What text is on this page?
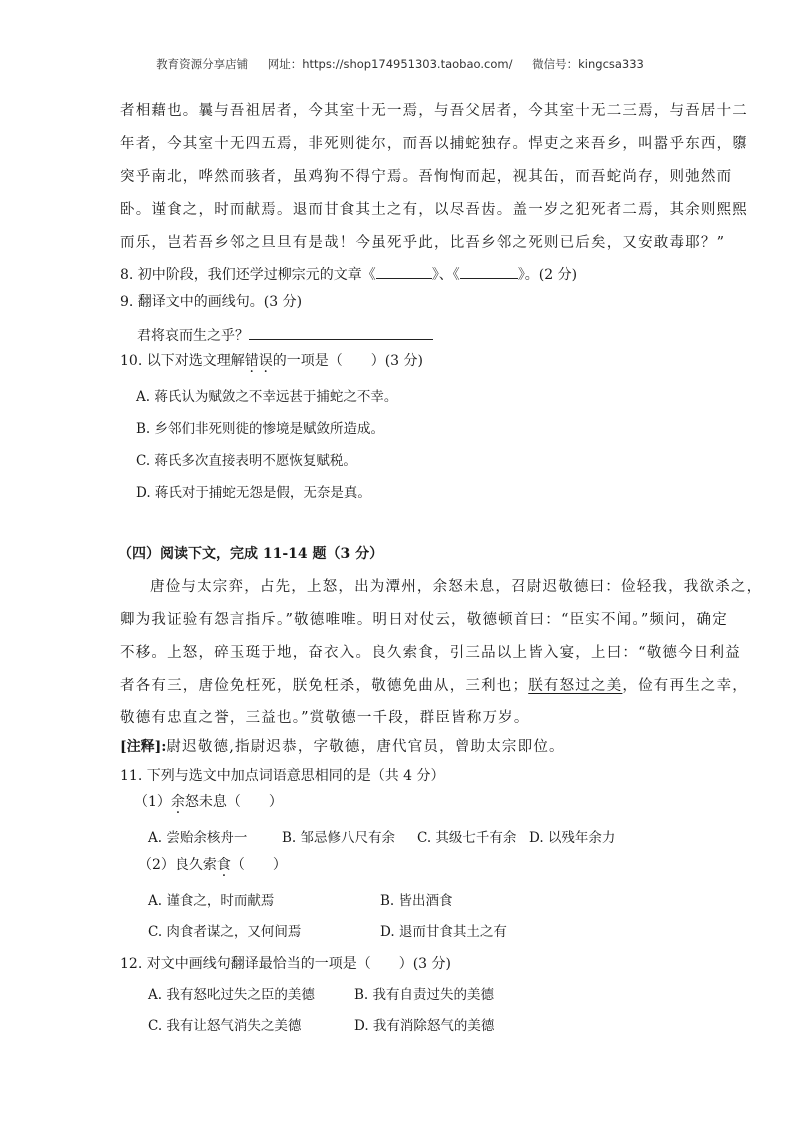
教育资源分享店铺 网址：https://shop174951303.taobao.com/ 微信号：kingcsa333
者相藉也。曩与吾祖居者，今其室十无一焉，与吾父居者，今其室十无二三焉，与吾居十二
年者，今其室十无四五焉，非死则徙尔，而吾以捕蛇独存。悍吏之来吾乡，叫嚣乎东西，隳
突乎南北，哗然而骇者，虽鸡狗不得宁焉。吾恂恂而起，视其缶，而吾蛇尚存，则弛然而
卧。谨食之，时而献焉。退而甘食其土之有，以尽吾齿。盖一岁之犯死者二焉，其余则熙熙
而乐，岂若吾乡邻之旦旦有是哉！今虽死乎此，比吾乡邻之死则已后矣，又安敢毒耶？”
8. 初中阶段，我们还学过柳宗元的文章《	》、《	》。(2 分)
9. 翻译文中的画线句。(3 分)
君将哀而生之乎？
10. 以下对选文理解错误的一项是（　　）(3 分)
A. 蒋氏认为赋敛之不幸远甚于捕蛇之不幸。
B. 乡邻们非死则徙的惨境是赋敛所造成。
C. 蒋氏多次直接表明不愿恢复赋税。
D. 蒋氏对于捕蛇无怨是假，无奈是真。
（四）阅读下文，完成 11-14 题（3 分）
唐俭与太宗弈，占先，上怒，出为潭州，余怒未息，召尉迟敬德曰：俭轻我，我欲杀之，
卿为我证验有怨言指斥。”敬德唯唯。明日对仗云，敬德顿首曰：“臣实不闻。”频问，确定
不移。上怒，碎玉珽于地，奋衣入。良久索食，引三品以上皆入宴，上曰：“敬德今日利益
者各有三，唐俭免枉死，朕免枉杀，敬德免曲从，三利也；朕有怒过之美，俭有再生之幸，
敬德有忠直之誉，三益也。”赏敬德一千段，群臣皆称万岁。
[注释]:尉迟敬德,指尉迟恭，字敬德，唐代官员，曾助太宗即位。
11. 下列与选文中加点词语意思相同的是（共 4 分）
（1）余怒未息（　　）
A. 尝贻余核舟一	B. 邹忌修八尺有余 C. 其级七千有余 D. 以残年余力
（2）良久索食（　　）
A. 谨食之，时而献焉	B. 皆出酒食
C. 肉食者谋之，又何间焉	D. 退而甘食其土之有
12. 对文中画线句翻译最恰当的一项是（　　）(3 分)
A. 我有怒叱过失之臣的美德	B. 我有自责过失的美德
C. 我有让怒气消失之美德	D. 我有消除怒气的美德
